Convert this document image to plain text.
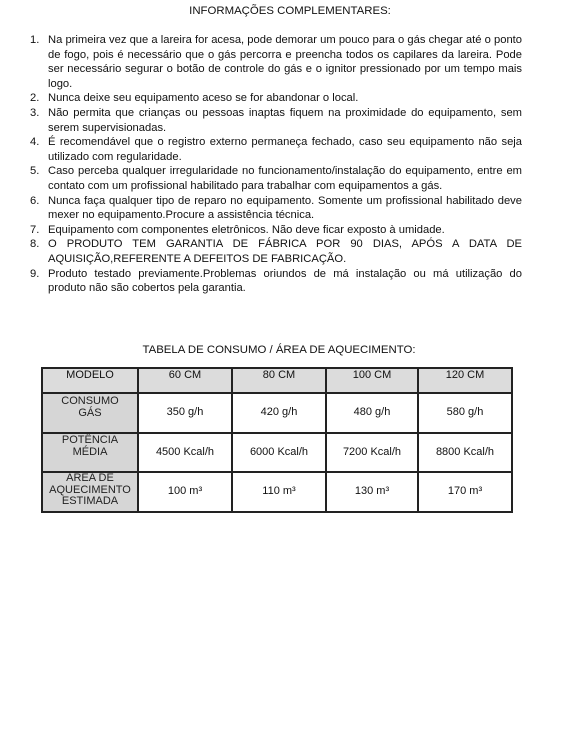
INFORMAÇÕES COMPLEMENTARES:
1. Na primeira vez que a lareira for acesa, pode demorar um pouco para o gás chegar até o ponto de fogo, pois é necessário que o gás percorra e preencha todos os capilares da lareira. Pode ser necessário segurar o botão de controle do gás e o ignitor pressionado por um tempo mais logo.
2. Nunca deixe seu equipamento aceso se for abandonar o local.
3. Não permita que crianças ou pessoas inaptas fiquem na proximidade do equipamento, sem serem supervisionadas.
4. É recomendável que o registro externo permaneça fechado, caso seu equipamento não seja utilizado com regularidade.
5. Caso perceba qualquer irregularidade no funcionamento/instalação do equipamento, entre em contato com um profissional habilitado para trabalhar com equipamentos a gás.
6. Nunca faça qualquer tipo de reparo no equipamento. Somente um profissional habilitado deve mexer no equipamento.Procure a assistência técnica.
7. Equipamento com componentes eletrônicos. Não deve ficar exposto à umidade.
8. O PRODUTO TEM GARANTIA DE FÁBRICA POR 90 DIAS, APÓS A DATA DE AQUISIÇÃO,REFERENTE A DEFEITOS DE FABRICAÇÃO.
9. Produto testado previamente.Problemas oriundos de má instalação ou má utilização do produto não são cobertos pela garantia.
TABELA DE CONSUMO / ÁREA DE AQUECIMENTO:
MODELO	60 CM	80 CM	100 CM	120 CM

CONSUMO
GÁS	350 g/h	420 g/h	480 g/h	580 g/h

POTÊNCIA
MÉDIA	4500 Kcal/h	6000 Kcal/h	7200 Kcal/h	8800 Kcal/h

ÁREA DE
AQUECIMENTO
ESTIMADA	100 m³	110 m³	130 m³	170 m³
